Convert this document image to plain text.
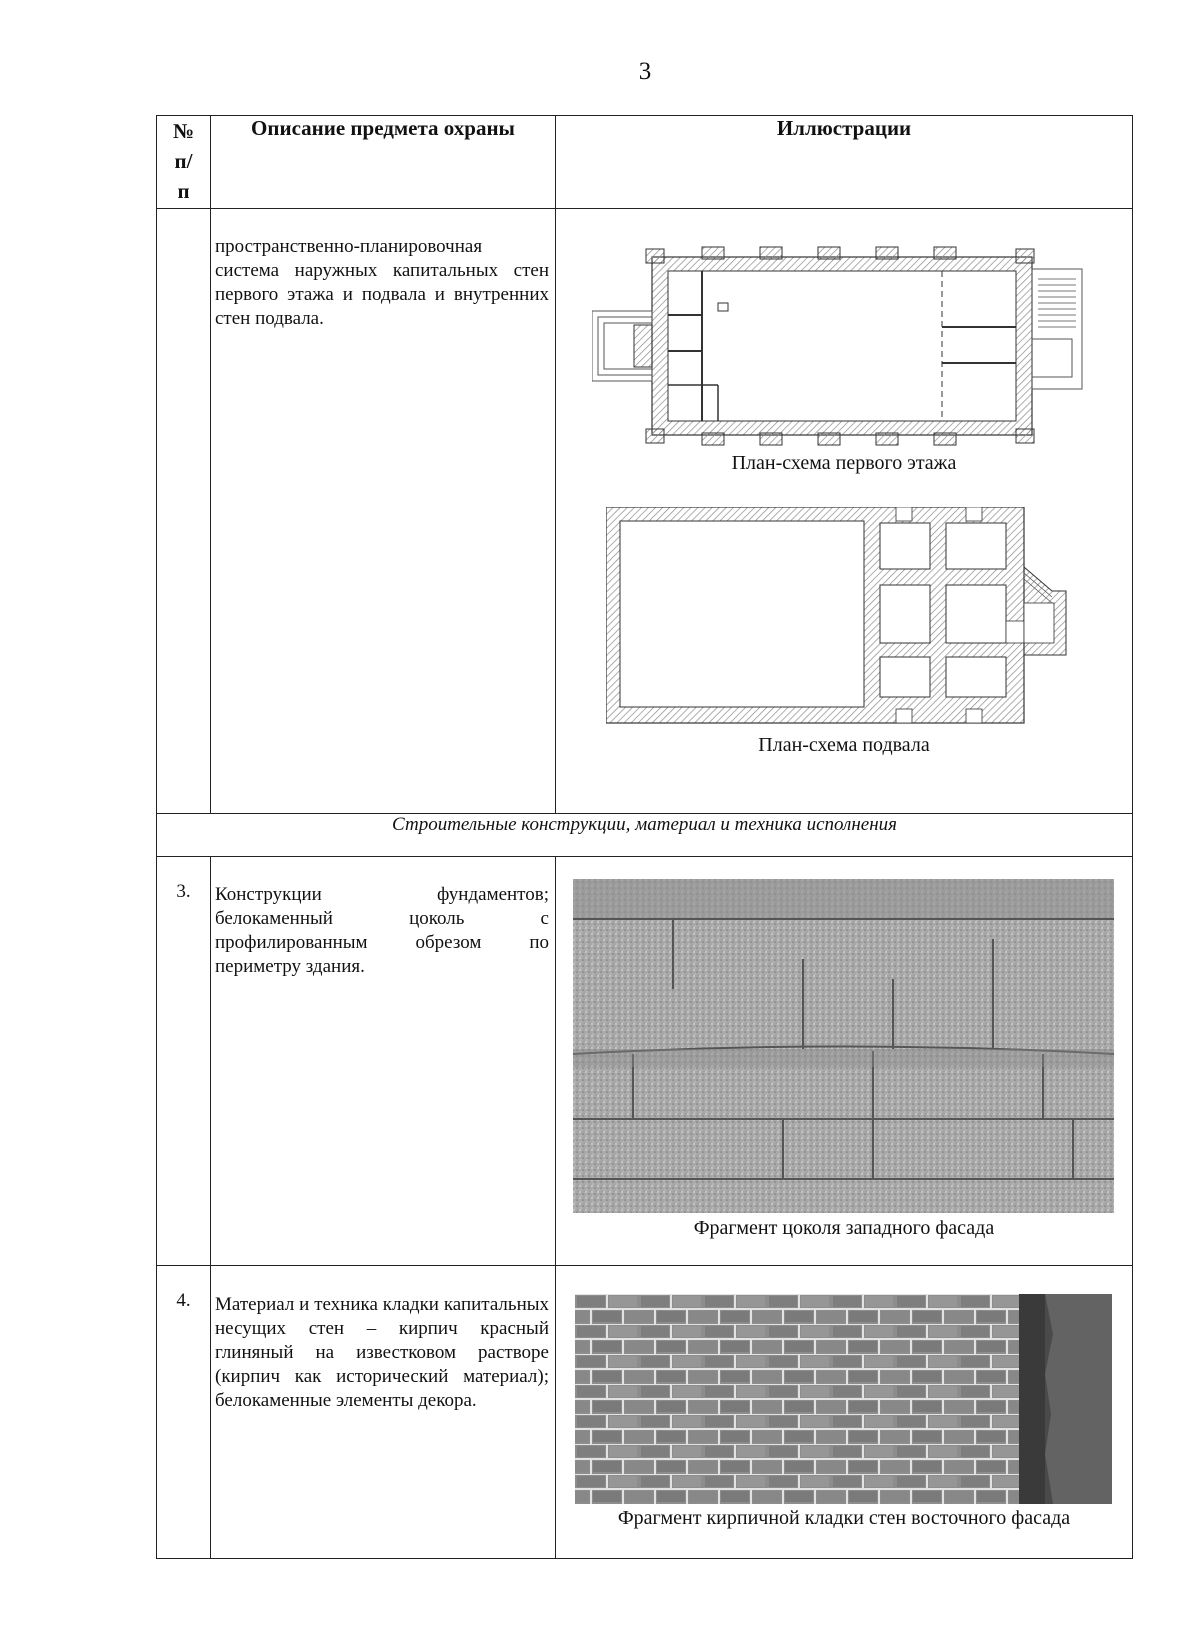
3
№
п/
п	Описание предмета охраны	Иллюстрации
	пространственно-планировочная система наружных капитальных стен первого этажа и подвала и внутренних стен подвала.	План-схема первого этажа
План-схема подвала

Строительные конструкции, материал и техника исполнения		
3.	Конструкции фундаментов; белокаменный цоколь с профилированным обрезом по периметру здания.	Фрагмент цоколя западного фасада

4.	Материал и техника кладки капитальных несущих стен – кирпич красный глиняный на известковом растворе (кирпич как исторический материал); белокаменные элементы декора.	Фрагмент кирпичной кладки стен восточного фасада
